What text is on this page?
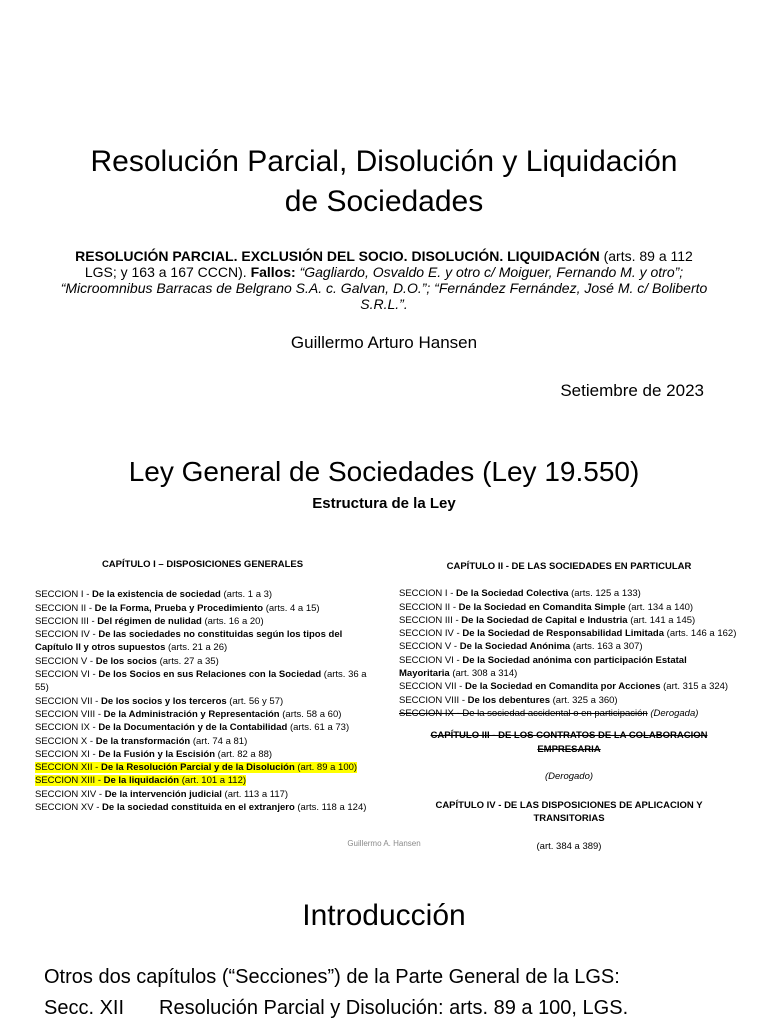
Resolución Parcial, Disolución y Liquidación
de Sociedades
RESOLUCIÓN PARCIAL. EXCLUSIÓN DEL SOCIO. DISOLUCIÓN. LIQUIDACIÓN (arts. 89 a 112 LGS; y 163 a 167 CCCN). Fallos: “Gagliardo, Osvaldo E. y otro c/ Moiguer, Fernando M. y otro”; “Microomnibus Barracas de Belgrano S.A. c. Galvan, D.O.”; “Fernández Fernández, José M. c/ Boliberto S.R.L.”.
Guillermo Arturo Hansen
Setiembre de 2023
Ley General de Sociedades (Ley 19.550)
Estructura de la Ley
CAPÍTULO I – DISPOSICIONES GENERALES
SECCION I - De la existencia de sociedad (arts. 1 a 3)
SECCION II - De la Forma, Prueba y Procedimiento (arts. 4 a 15)
SECCION III - Del régimen de nulidad (arts. 16 a 20)
SECCION IV - De las sociedades no constituidas según los tipos del Capítulo II y otros supuestos (arts. 21 a 26)
SECCION V - De los socios (arts. 27 a 35)
SECCION VI - De los Socios en sus Relaciones con la Sociedad (arts. 36 a 55)
SECCION VII - De los socios y los terceros (art. 56 y 57)
SECCION VIII - De la Administración y Representación (arts. 58 a 60)
SECCION IX - De la Documentación y de la Contabilidad (arts. 61 a 73)
SECCION X - De la transformación (art. 74 a 81)
SECCION XI - De la Fusión y la Escisión (art. 82 a 88)
SECCION XII - De la Resolución Parcial y de la Disolución (art. 89 a 100)
SECCION XIII - De la liquidación (art. 101 a 112)
SECCION XIV - De la intervención judicial (art. 113 a 117)
SECCION XV - De la sociedad constituida en el extranjero (arts. 118 a 124)
CAPÍTULO II - DE LAS SOCIEDADES EN PARTICULAR
SECCION I - De la Sociedad Colectiva (arts. 125 a 133)
SECCION II - De la Sociedad en Comandita Simple (art. 134 a 140)
SECCION III - De la Sociedad de Capital e Industria (art. 141 a 145)
SECCION IV - De la Sociedad de Responsabilidad Limitada (arts. 146 a 162)
SECCION V - De la Sociedad Anónima (arts. 163 a 307)
SECCION VI - De la Sociedad anónima con participación Estatal Mayoritaria (art. 308 a 314)
SECCION VII - De la Sociedad en Comandita por Acciones (art. 315 a 324)
SECCION VIII - De los debentures (art. 325 a 360)
SECCION IX - De la sociedad accidental o en participación (Derogada)
CAPÍTULO III - DE LOS CONTRATOS DE LA COLABORACION EMPRESARIA
(Derogado)
CAPÍTULO IV - DE LAS DISPOSICIONES DE APLICACION Y TRANSITORIAS
(art. 384 a 389)
Guillermo A. Hansen
Introducción
Otros dos capítulos (“Secciones”) de la Parte General de la LGS:
Secc. XII Resolución Parcial y Disolución: arts. 89 a 100, LGS.
